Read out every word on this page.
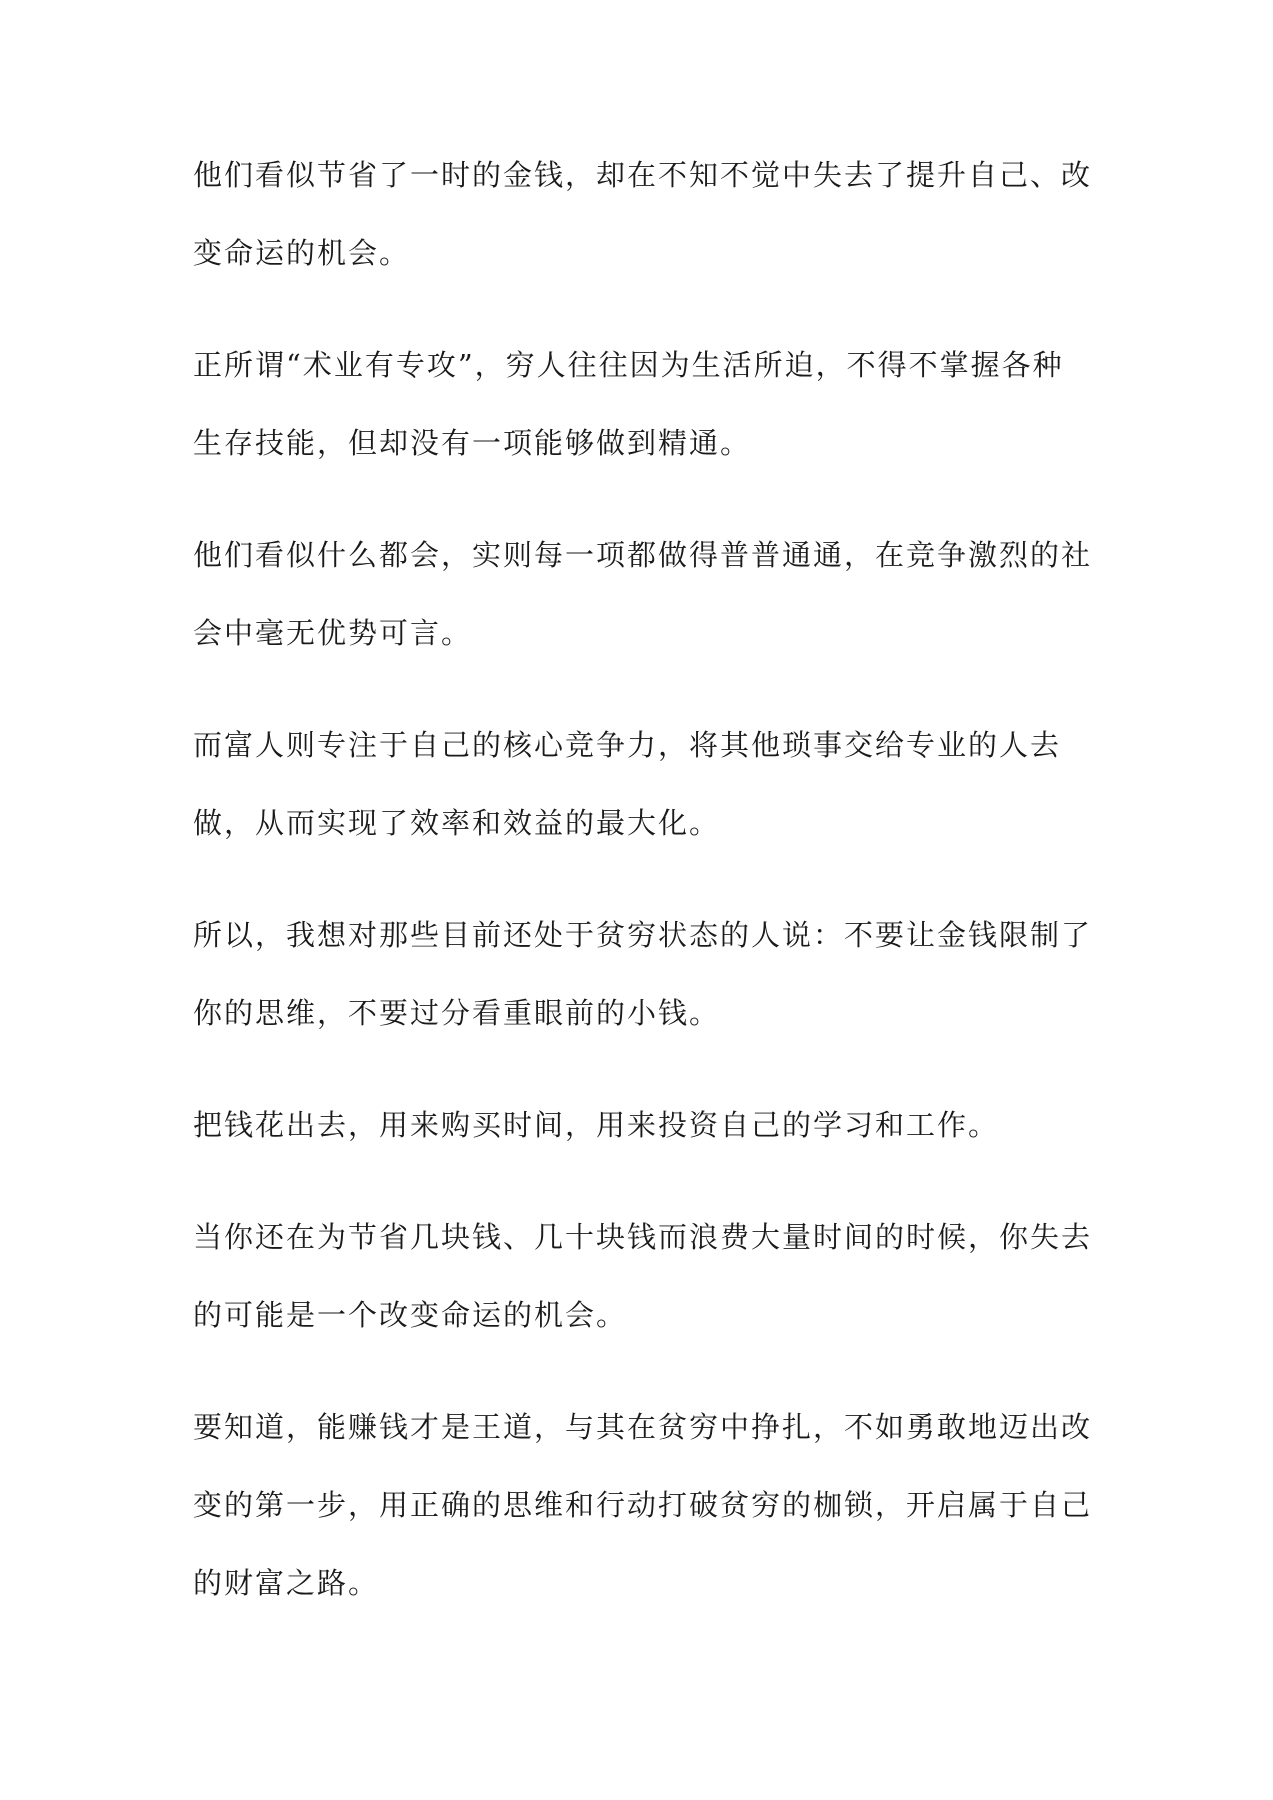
他们看似节省了一时的金钱，却在不知不觉中失去了提升自己、改变命运的机会。

正所谓“术业有专攻”，穷人往往因为生活所迫，不得不掌握各种生存技能，但却没有一项能够做到精通。

他们看似什么都会，实则每一项都做得普普通通，在竞争激烈的社会中毫无优势可言。

而富人则专注于自己的核心竞争力，将其他琐事交给专业的人去做，从而实现了效率和效益的最大化。

所以，我想对那些目前还处于贫穷状态的人说：不要让金钱限制了你的思维，不要过分看重眼前的小钱。

把钱花出去，用来购买时间，用来投资自己的学习和工作。

当你还在为节省几块钱、几十块钱而浪费大量时间的时候，你失去的可能是一个改变命运的机会。

要知道，能赚钱才是王道，与其在贫穷中挣扎，不如勇敢地迈出改变的第一步，用正确的思维和行动打破贫穷的枷锁，开启属于自己的财富之路。
